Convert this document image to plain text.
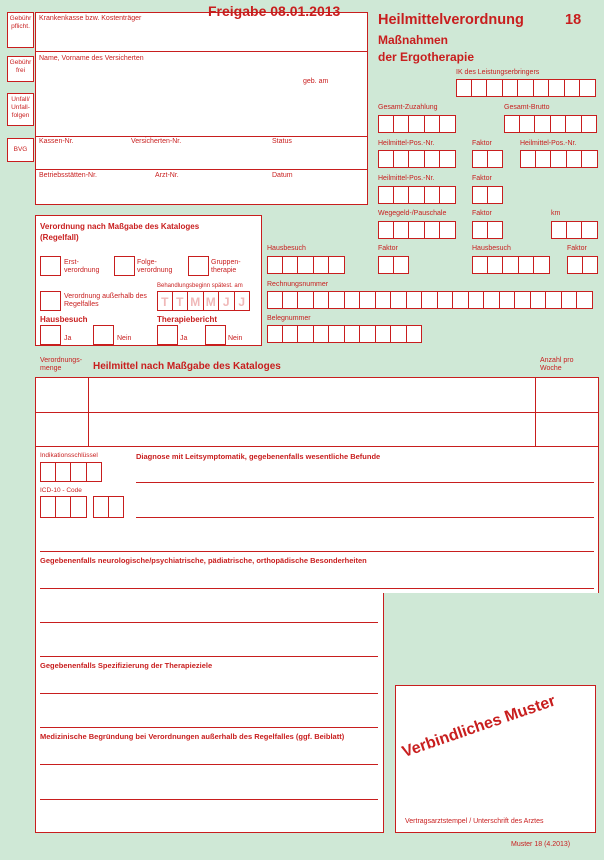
Gebühr pflicht.
Gebühr frei
Unfall/ Unfall- folgen
BVG
Krankenkasse bzw. Kostenträger
Name, Vorname des Versicherten
geb. am
Kassen-Nr.	Versicherten-Nr.	Status
Betriebsstätten-Nr.	Arzt-Nr.	Datum
Freigabe 08.01.2013
Heilmittelverordnung	18
Maßnahmen
der Ergotherapie
IK des Leistungserbringers
Gesamt-Zuzahlung	Gesamt-Brutto
Heilmittel-Pos.-Nr.	Faktor	Heilmittel-Pos.-Nr.
Heilmittel-Pos.-Nr.	Faktor
Wegegeld-/Pauschale	Faktor	km
Hausbesuch	Faktor	Hausbesuch	Faktor
Rechnungsnummer
Belegnummer
Verordnung nach Maßgabe des Kataloges
(Regelfall)
Erst- verordnung
Folge- verordnung
Gruppen- therapie
Verordnung außerhalb des Regelfalles
Behandlungsbeginn spätest. am
T T M M J J
Hausbesuch	Therapiebericht
Ja	Nein	Ja	Nein
Verordnungs- menge	Heilmittel nach Maßgabe des Kataloges
Anzahl pro Woche
Indikationsschlüssel	Diagnose mit Leitsymptomatik, gegebenenfalls wesentliche Befunde
ICD-10 - Code
Gegebenenfalls neurologische/psychiatrische, pädiatrische, orthopädische Besonderheiten
Gegebenenfalls Spezifizierung der Therapieziele
Medizinische Begründung bei Verordnungen außerhalb des Regelfalles (ggf. Beiblatt)	Verbindliches Muster
Vertragsarztstempel / Unterschrift des Arztes
Muster 18 (4.2013)
